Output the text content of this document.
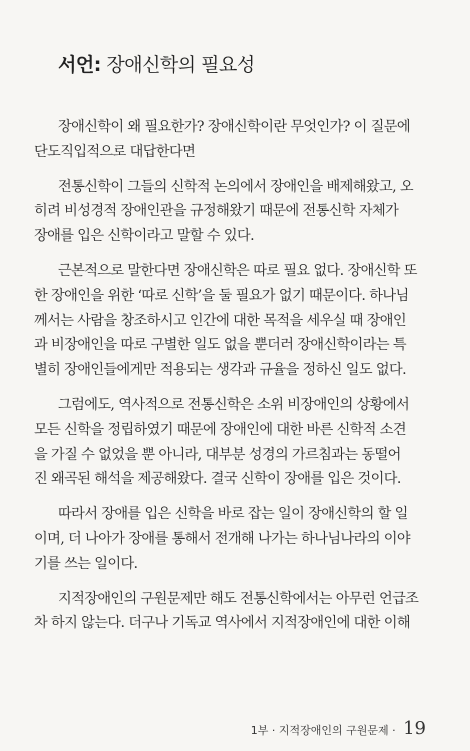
서언: 장애신학의 필요성

장애신학이 왜 필요한가? 장애신학이란 무엇인가? 이 질문에
단도직입적으로 대답한다면

전통신학이 그들의 신학적 논의에서 장애인을 배제해왔고, 오
히려 비성경적 장애인관을 규정해왔기 때문에 전통신학 자체가
장애를 입은 신학이라고 말할 수 있다.

근본적으로 말한다면 장애신학은 따로 필요 없다. 장애신학 또
한 장애인을 위한 ‘따로 신학’을 둘 필요가 없기 때문이다. 하나님
께서는 사람을 창조하시고 인간에 대한 목적을 세우실 때 장애인
과 비장애인을 따로 구별한 일도 없을 뿐더러 장애신학이라는 특
별히 장애인들에게만 적용되는 생각과 규율을 정하신 일도 없다.

그럼에도, 역사적으로 전통신학은 소위 비장애인의 상황에서
모든 신학을 정립하였기 때문에 장애인에 대한 바른 신학적 소견
을 가질 수 없었을 뿐 아니라, 대부분 성경의 가르침과는 동떨어
진 왜곡된 해석을 제공해왔다. 결국 신학이 장애를 입은 것이다.

따라서 장애를 입은 신학을 바로 잡는 일이 장애신학의 할 일
이며, 더 나아가 장애를 통해서 전개해 나가는 하나님나라의 이야
기를 쓰는 일이다.

지적장애인의 구원문제만 해도 전통신학에서는 아무런 언급조
차 하지 않는다. 더구나 기독교 역사에서 지적장애인에 대한 이해

1부 · 지적장애인의 구원문제 · 19
